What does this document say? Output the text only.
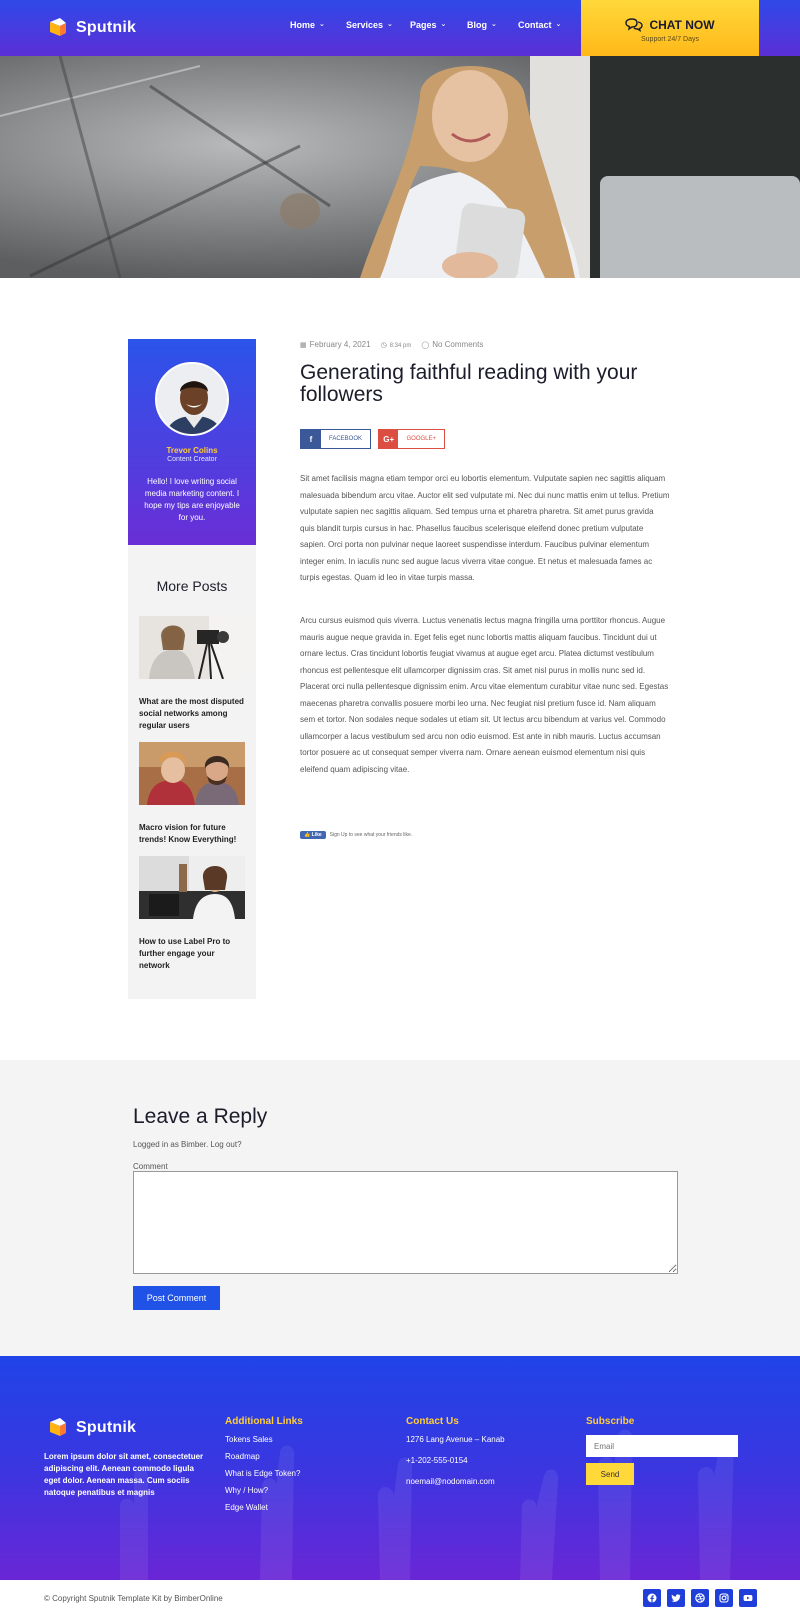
Sputnik	Home ⌄ Services ⌄ Pages ⌄ Blog ⌄ Contact ⌄	CHAT NOW
Support 24/7 Days
Trevor Colins
Content Creator
Hello! I love writing social media marketing content. I hope my tips are enjoyable for you.
More Posts
What are the most disputed social networks among regular users
Macro vision for future trends! Know Everything!
How to use Label Pro to further engage your network
▦ February 4, 2021 ◷ 8:34 pm ◯ No Comments
Generating faithful reading with your followers
f	FACEBOOK	G+	GOOGLE+

Sit amet facilisis magna etiam tempor orci eu lobortis elementum. Vulputate sapien nec sagittis aliquam malesuada bibendum arcu vitae. Auctor elit sed vulputate mi. Nec dui nunc mattis enim ut tellus. Pretium vulputate sapien nec sagittis aliquam. Sed tempus urna et pharetra pharetra. Sit amet purus gravida quis blandit turpis cursus in hac. Phasellus faucibus scelerisque eleifend donec pretium vulputate sapien. Orci porta non pulvinar neque laoreet suspendisse interdum. Faucibus pulvinar elementum integer enim. In iaculis nunc sed augue lacus viverra vitae congue. Et netus et malesuada fames ac turpis egestas. Quam id leo in vitae turpis massa.

Arcu cursus euismod quis viverra. Luctus venenatis lectus magna fringilla urna porttitor rhoncus. Augue mauris augue neque gravida in. Eget felis eget nunc lobortis mattis aliquam faucibus. Tincidunt dui ut ornare lectus. Cras tincidunt lobortis feugiat vivamus at augue eget arcu. Platea dictumst vestibulum rhoncus est pellentesque elit ullamcorper dignissim cras. Sit amet nisl purus in mollis nunc sed id. Placerat orci nulla pellentesque dignissim enim. Arcu vitae elementum curabitur vitae nunc sed. Egestas maecenas pharetra convallis posuere morbi leo urna. Nec feugiat nisl pretium fusce id. Nam aliquam sem et tortor. Non sodales neque sodales ut etiam sit. Ut lectus arcu bibendum at varius vel. Commodo ullamcorper a lacus vestibulum sed arcu non odio euismod. Est ante in nibh mauris. Luctus accumsan tortor posuere ac ut consequat semper viverra nam. Ornare aenean euismod elementum nisi quis eleifend quam adipiscing vitae.

👍 Like	Sign Up to see what your friends like.
Leave a Reply
Logged in as Bimber. Log out?
Comment
Post Comment
Sputnik
Lorem ipsum dolor sit amet, consectetuer adipiscing elit. Aenean commodo ligula eget dolor. Aenean massa. Cum sociis natoque penatibus et magnis
Additional Links
Tokens Sales
Roadmap
What is Edge Token?
Why / How?
Edge Wallet
Contact Us
1276 Lang Avenue – Kanab
+1-202-555-0154
noemail@nodomain.com
Subscribe
Email
Send
© Copyright Sputnik Template Kit by BimberOnline
